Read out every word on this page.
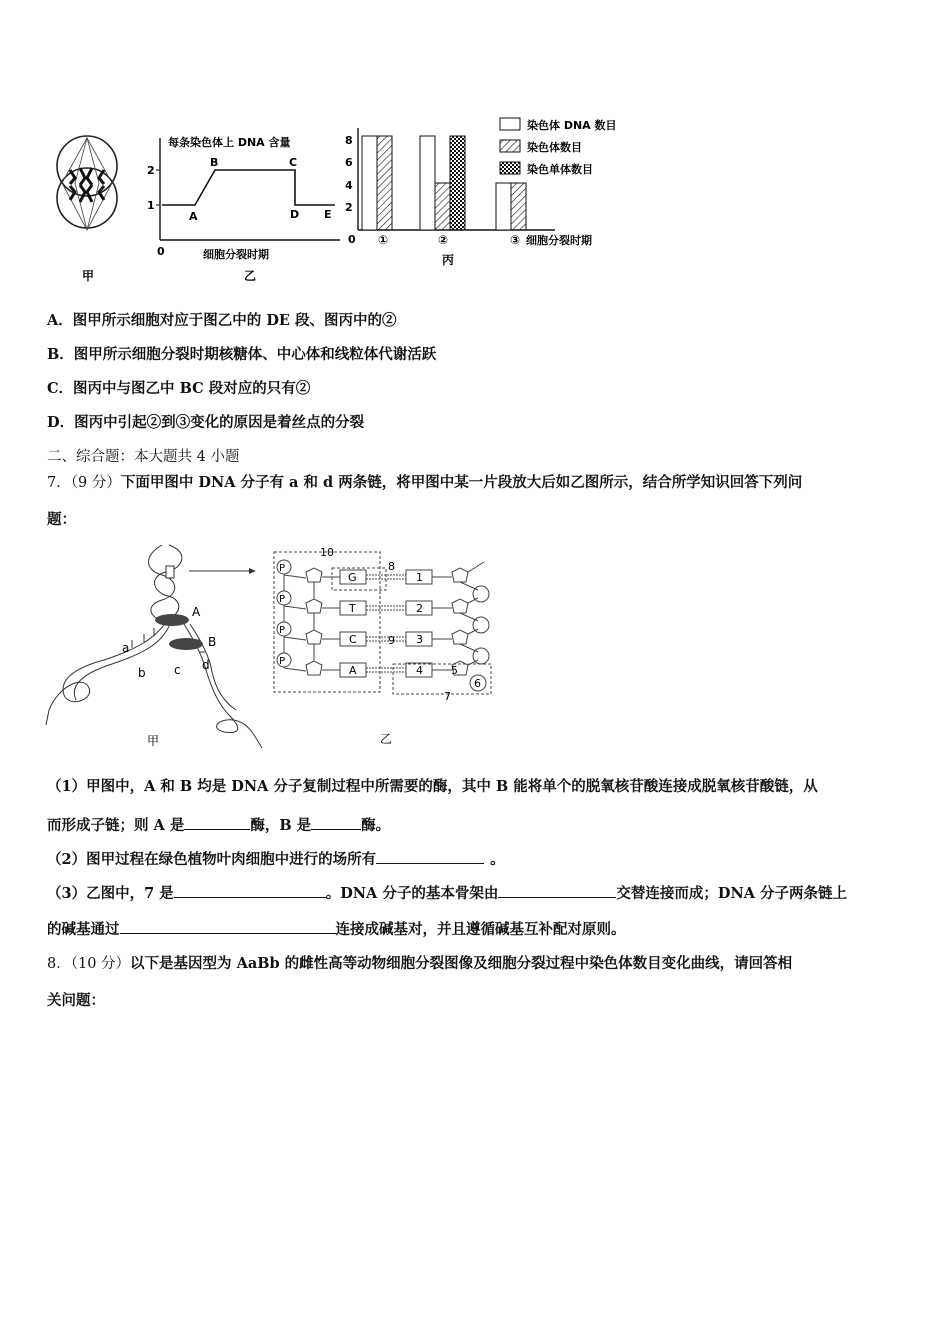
甲
每条染色体上 DNA 含量
1
2
0
A
B	C
D E
细胞分裂时期
乙
0
2
4
6
8
①	②	③ 细胞分裂时期
丙
染色体 DNA 数目
染色体数目
染色单体数目
A．图甲所示细胞对应于图乙中的 DE 段、图丙中的②
B．图甲所示细胞分裂时期核糖体、中心体和线粒体代谢活跃
C．图丙中与图乙中 BC 段对应的只有②
D．图丙中引起②到③变化的原因是着丝点的分裂
二、综合题：本大题共 4 小题
7．（9 分）下面甲图中 DNA 分子有 a 和 d 两条链，将甲图中某一片段放大后如乙图所示，结合所学知识回答下列问
题：
A
B
a
b c d
甲
P
P
P
P
G
T
C
A
1
2
3
4
10
8
9
5
6
7
乙
（1）甲图中，A 和 B 均是 DNA 分子复制过程中所需要的酶，其中 B 能将单个的脱氧核苷酸连接成脱氧核苷酸链，从
而形成子链；则 A 是	酶，B 是	酶。
（2）图甲过程在绿色植物叶肉细胞中进行的场所有	。
（3）乙图中，7 是	。DNA 分子的基本骨架由	交替连接而成；DNA 分子两条链上
的碱基通过	连接成碱基对，并且遵循碱基互补配对原则。
8．（10 分）以下是基因型为 AaBb 的雌性高等动物细胞分裂图像及细胞分裂过程中染色体数目变化曲线，请回答相
关问题：
